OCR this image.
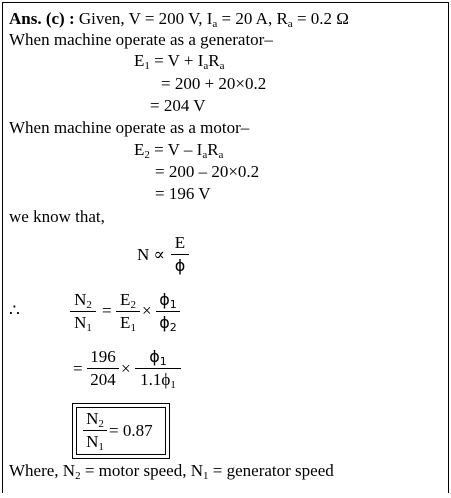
Ans. (c) : Given, V = 200 V, $I_a = 20$ A, $R_a = 0.2$ Ω
When machine operate as a generator–
$E_1 = V + I_aR_a$
= 200 + 20×0.2
= 204 V
When machine operate as a motor–
$E_2 = V - I_aR_a$
= 200 – 20×0.2
= 196 V
we know that,
N ∝
E
ϕ
∴
$N_2$
$N_1$
=
$E_2$
$E_1$
×
$\phi_1$
$\phi_2$
=
196
204
×
$\phi_1$
$1.1\phi_1$
$N_2$
$N_1$
= 0.87
Where, $N_2$ = motor speed, $N_1$ = generator speed
